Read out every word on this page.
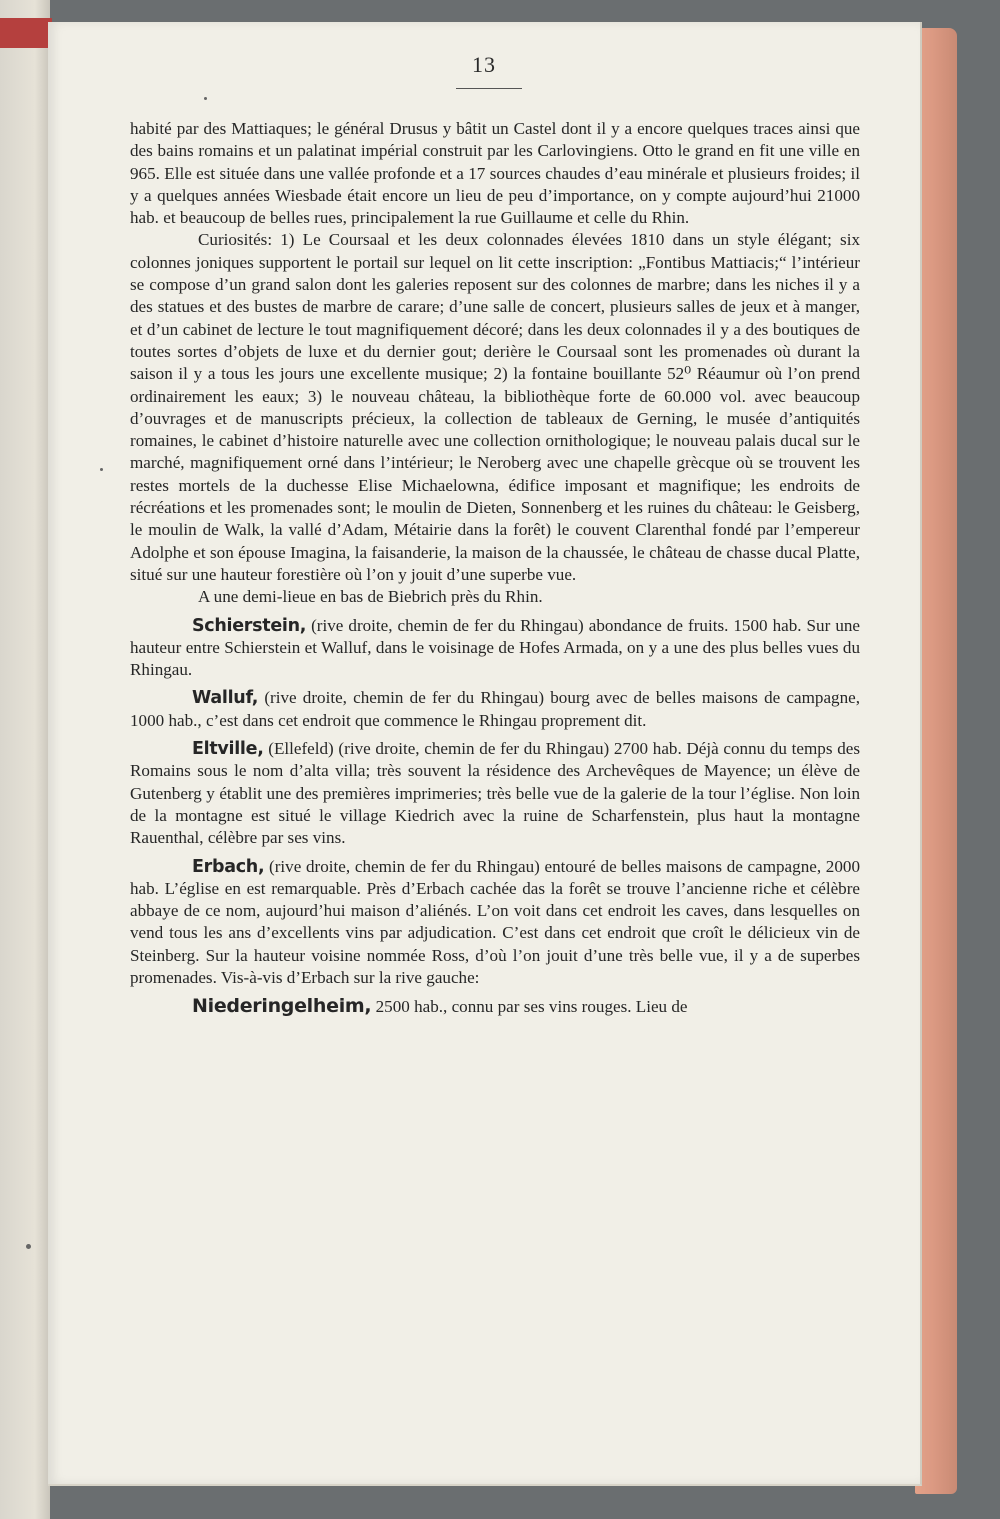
13

habité par des Mattiaques; le général Drusus y bâtit un Castel dont il y a encore quelques traces ainsi que des bains romains et un palatinat impérial construit par les Carlovingiens. Otto le grand en fit une ville en 965. Elle est située dans une vallée profonde et a 17 sources chaudes d’eau minérale et plusieurs froides; il y a quelques années Wiesbade était encore un lieu de peu d’importance, on y compte aujourd’hui 21000 hab. et beaucoup de belles rues, principalement la rue Guillaume et celle du Rhin.

Curiosités: 1) Le Coursaal et les deux colonnades élevées 1810 dans un style élégant; six colonnes joniques supportent le portail sur lequel on lit cette inscription: „Fontibus Mattiacis;“ l’intérieur se compose d’un grand salon dont les galeries reposent sur des colonnes de marbre; dans les niches il y a des statues et des bustes de marbre de carare; d’une salle de concert, plusieurs salles de jeux et à manger, et d’un cabinet de lecture le tout magnifiquement décoré; dans les deux colonnades il y a des boutiques de toutes sortes d’objets de luxe et du dernier gout; derière le Coursaal sont les promenades où durant la saison il y a tous les jours une excellente musique; 2) la fontaine bouillante 52⁰ Réaumur où l’on prend ordinairement les eaux; 3) le nouveau château, la bibliothèque forte de 60.000 vol. avec beaucoup d’ouvrages et de manuscripts précieux, la collection de tableaux de Gerning, le musée d’antiquités romaines, le cabinet d’histoire naturelle avec une collection ornithologique; le nouveau palais ducal sur le marché, magnifiquement orné dans l’intérieur; le Neroberg avec une chapelle grècque où se trouvent les restes mortels de la duchesse Elise Michaelowna, édifice imposant et magnifique; les endroits de récréations et les promenades sont; le moulin de Dieten, Sonnenberg et les ruines du château: le Geisberg, le moulin de Walk, la vallé d’Adam, Métairie dans la forêt) le couvent Clarenthal fondé par l’empereur Adolphe et son épouse Imagina, la faisanderie, la maison de la chaussée, le château de chasse ducal Platte, situé sur une hauteur forestière où l’on y jouit d’une superbe vue.

A une demi-lieue en bas de Biebrich près du Rhin.

Schierstein, (rive droite, chemin de fer du Rhingau) abondance de fruits. 1500 hab. Sur une hauteur entre Schierstein et Walluf, dans le voisinage de Hofes Armada, on y a une des plus belles vues du Rhingau.

Walluf, (rive droite, chemin de fer du Rhingau) bourg avec de belles maisons de campagne, 1000 hab., c’est dans cet endroit que commence le Rhingau proprement dit.

Eltville, (Ellefeld) (rive droite, chemin de fer du Rhingau) 2700 hab. Déjà connu du temps des Romains sous le nom d’alta villa; très souvent la résidence des Archevêques de Mayence; un élève de Gutenberg y établit une des premières imprimeries; très belle vue de la galerie de la tour l’église. Non loin de la montagne est situé le village Kiedrich avec la ruine de Scharfenstein, plus haut la montagne Rauenthal, célèbre par ses vins.

Erbach, (rive droite, chemin de fer du Rhingau) entouré de belles maisons de campagne, 2000 hab. L’église en est remarquable. Près d’Erbach cachée das la forêt se trouve l’ancienne riche et célèbre abbaye de ce nom, aujourd’hui maison d’aliénés. L’on voit dans cet endroit les caves, dans lesquelles on vend tous les ans d’excellents vins par adjudication. C’est dans cet endroit que croît le délicieux vin de Steinberg. Sur la hauteur voisine nommée Ross, d’où l’on jouit d’une très belle vue, il y a de superbes promenades. Vis-à-vis d’Erbach sur la rive gauche:

Niederingelheim, 2500 hab., connu par ses vins rouges. Lieu de
